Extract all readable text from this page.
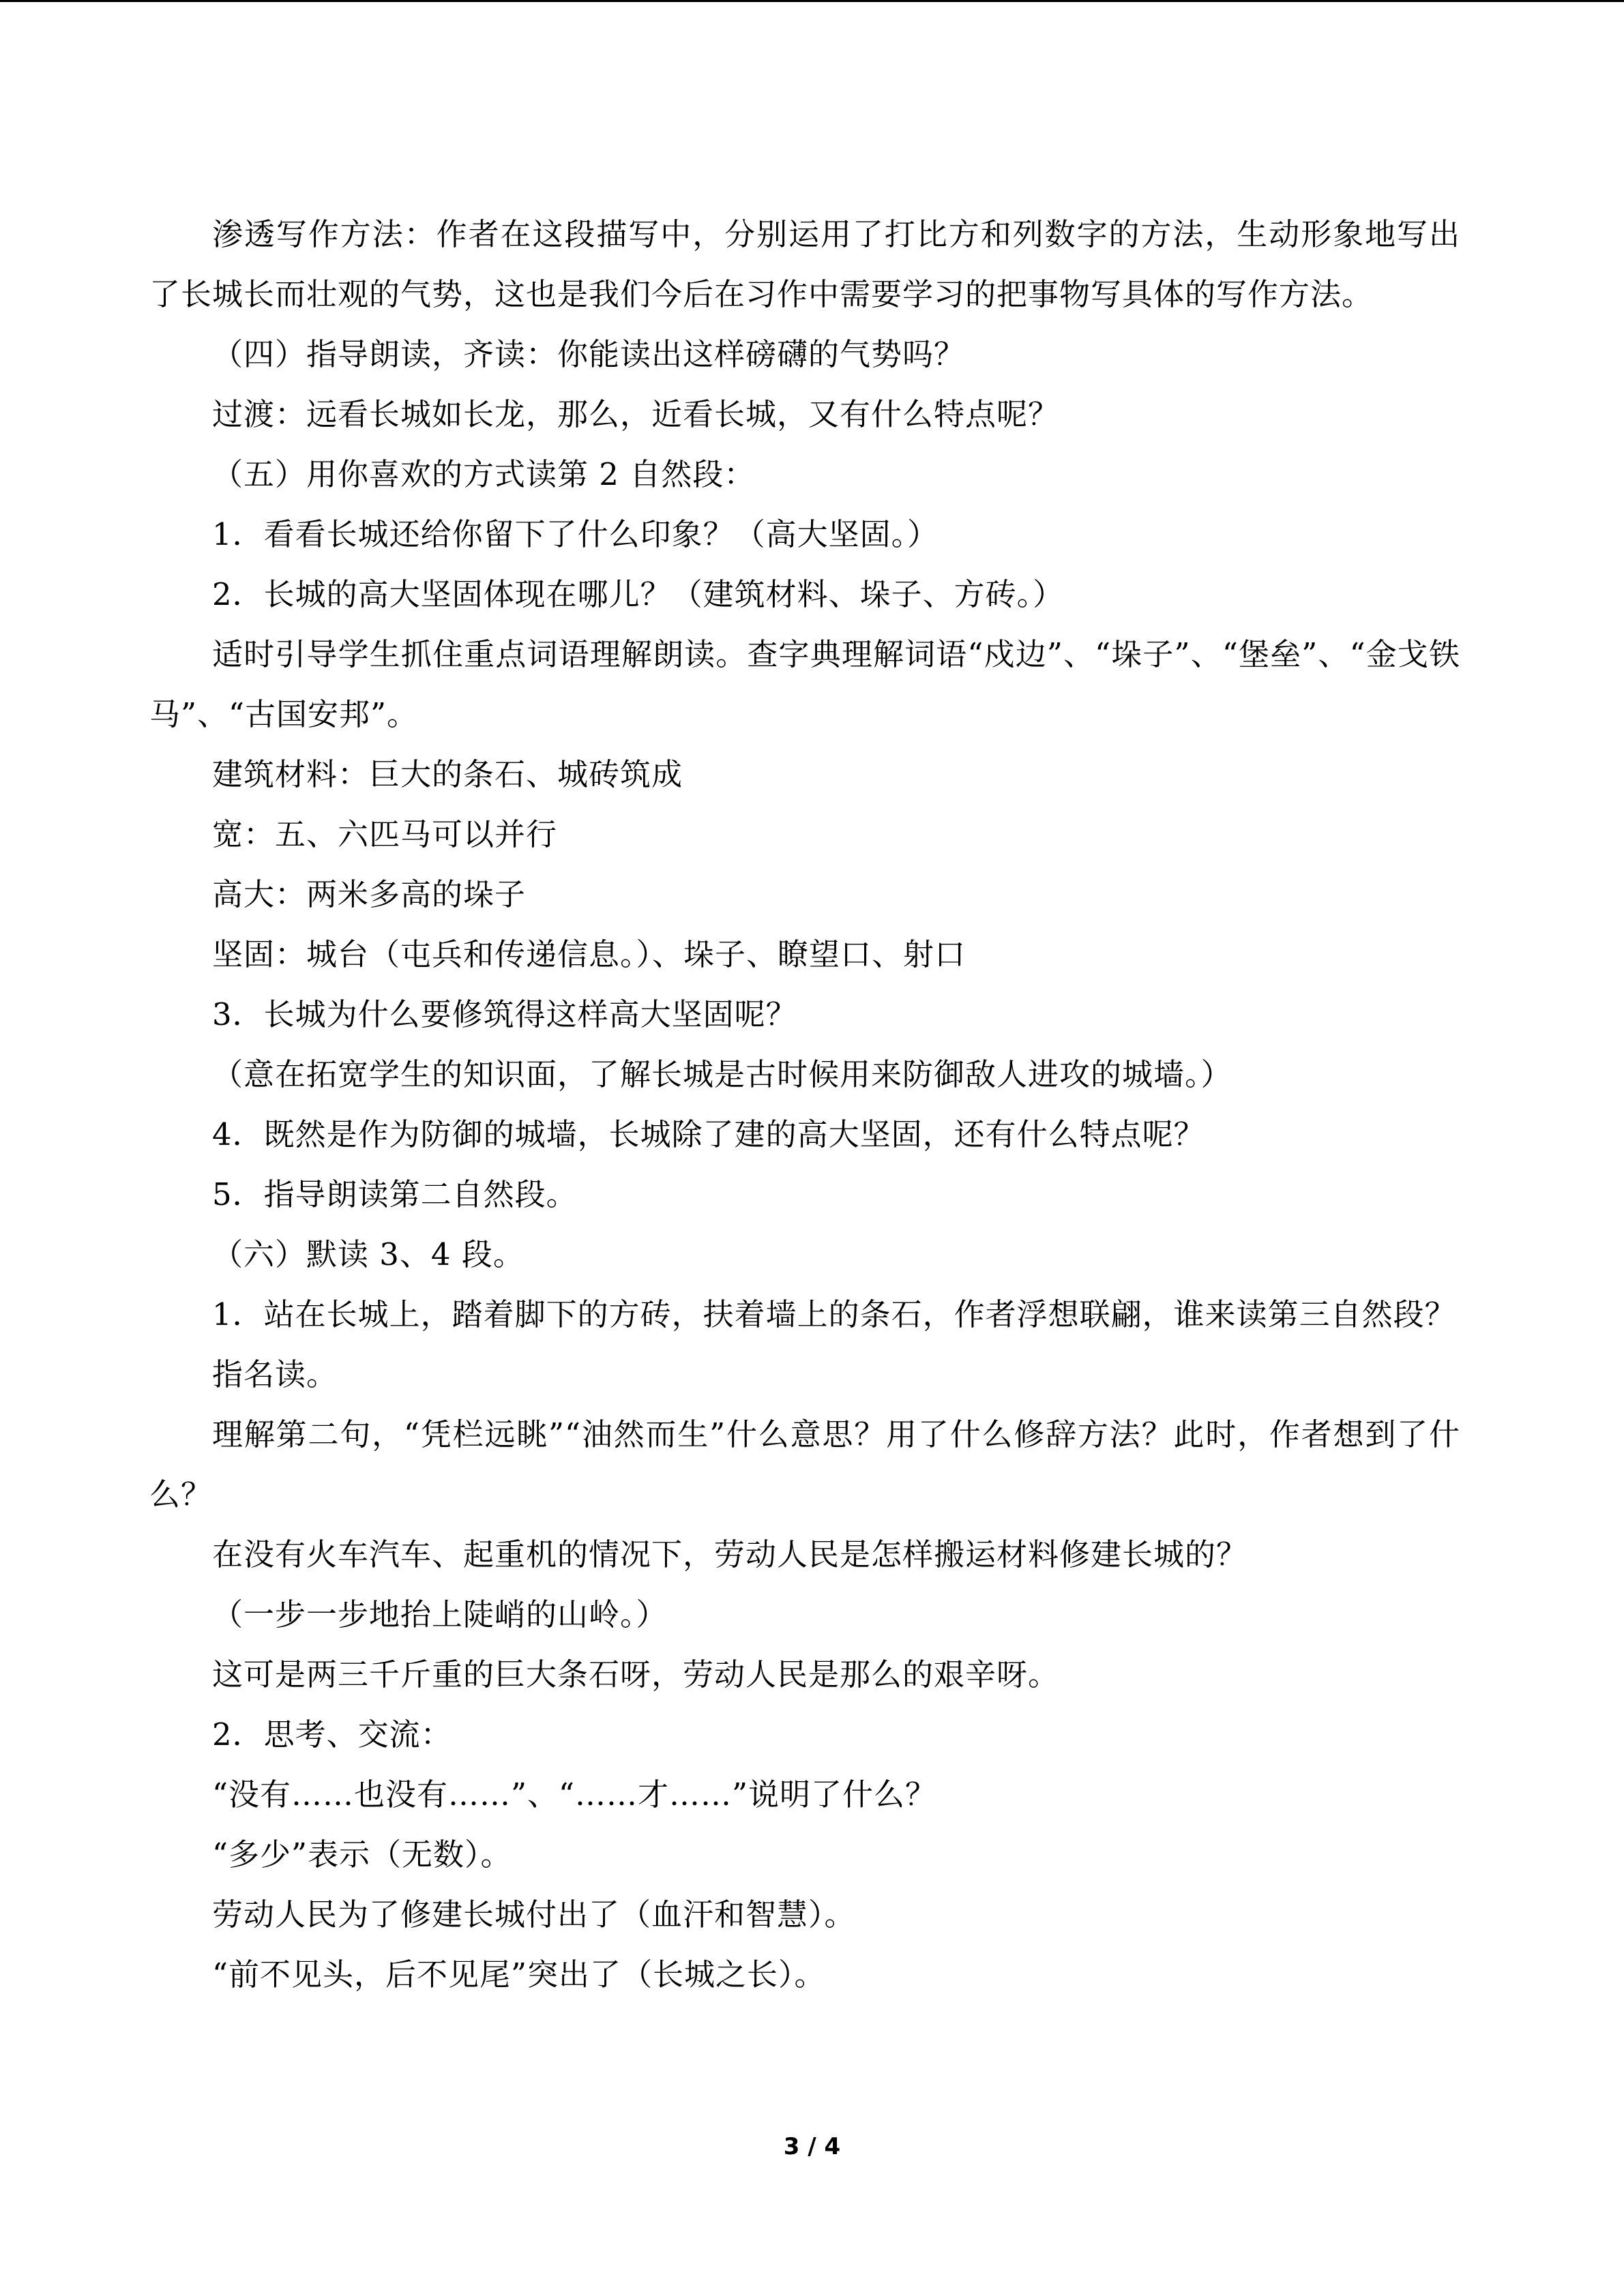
渗透写作方法：作者在这段描写中，分别运用了打比方和列数字的方法，生动形象地写出了长城长而壮观的气势，这也是我们今后在习作中需要学习的把事物写具体的写作方法。

（四）指导朗读，齐读：你能读出这样磅礴的气势吗？

过渡：远看长城如长龙，那么，近看长城，又有什么特点呢？

（五）用你喜欢的方式读第 2 自然段：

1．看看长城还给你留下了什么印象？（高大坚固。）

2．长城的高大坚固体现在哪儿？（建筑材料、垛子、方砖。）

适时引导学生抓住重点词语理解朗读。查字典理解词语“戍边”、“垛子”、“堡垒”、“金戈铁马”、“古国安邦”。

建筑材料：巨大的条石、城砖筑成

宽：五、六匹马可以并行

高大：两米多高的垛子

坚固：城台（屯兵和传递信息。）、垛子、瞭望口、射口

3．长城为什么要修筑得这样高大坚固呢？

（意在拓宽学生的知识面，了解长城是古时候用来防御敌人进攻的城墙。）

4．既然是作为防御的城墙，长城除了建的高大坚固，还有什么特点呢？

5．指导朗读第二自然段。

（六）默读 3、4 段。

1．站在长城上，踏着脚下的方砖，扶着墙上的条石，作者浮想联翩，谁来读第三自然段？

指名读。

理解第二句，“凭栏远眺”“油然而生”什么意思？用了什么修辞方法？此时，作者想到了什么？

在没有火车汽车、起重机的情况下，劳动人民是怎样搬运材料修建长城的？

（一步一步地抬上陡峭的山岭。）

这可是两三千斤重的巨大条石呀，劳动人民是那么的艰辛呀。

2．思考、交流：

“没有……也没有……”、“……才……”说明了什么？

“多少”表示（无数）。

劳动人民为了修建长城付出了（血汗和智慧）。

“前不见头，后不见尾”突出了（长城之长）。

3 / 4
